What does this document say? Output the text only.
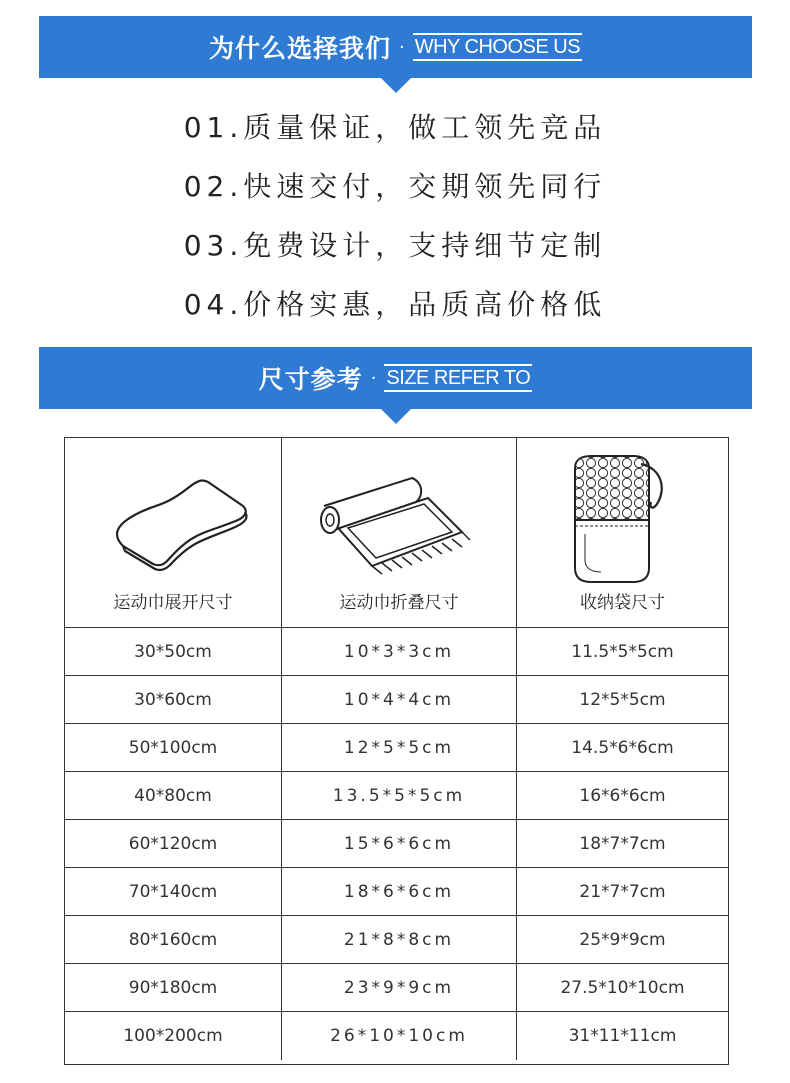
为什么选择我们 · WHY CHOOSE US
01.质量保证，做工领先竞品
02.快速交付，交期领先同行
03.免费设计，支持细节定制
04.价格实惠，品质高价格低
尺寸参考 · SIZE REFER TO
运动巾展开尺寸	运动巾折叠尺寸	收纳袋尺寸
30*50cm	10*3*3cm	11.5*5*5cm
30*60cm	10*4*4cm	12*5*5cm
50*100cm	12*5*5cm	14.5*6*6cm
40*80cm	13.5*5*5cm	16*6*6cm
60*120cm	15*6*6cm	18*7*7cm
70*140cm	18*6*6cm	21*7*7cm
80*160cm	21*8*8cm	25*9*9cm
90*180cm	23*9*9cm	27.5*10*10cm
100*200cm	26*10*10cm	31*11*11cm
